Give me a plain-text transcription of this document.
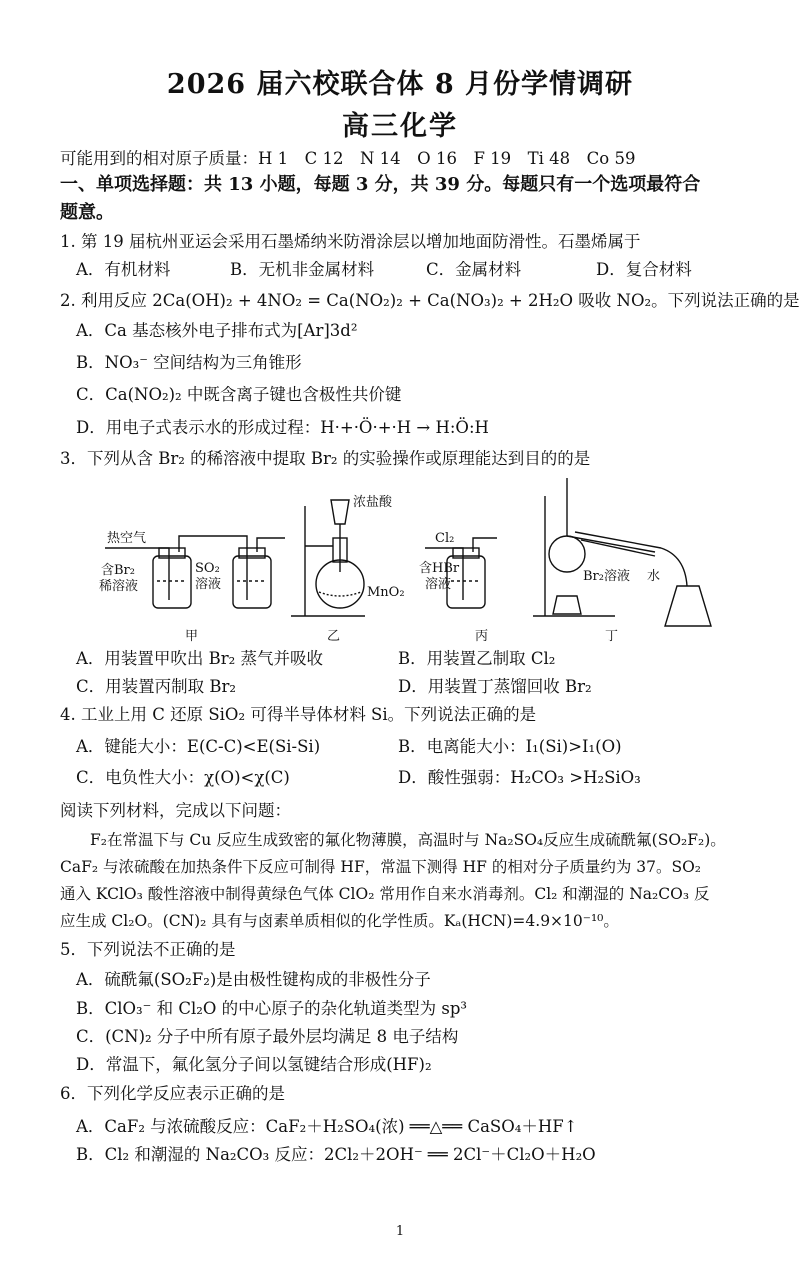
2026 届六校联合体 8 月份学情调研
高三化学
可能用到的相对原子质量：H 1　C 12　N 14　O 16　F 19　Ti 48　Co 59
一、单项选择题：共 13 小题，每题 3 分，共 39 分。每题只有一个选项最符合
题意。
1. 第 19 届杭州亚运会采用石墨烯纳米防滑涂层以增加地面防滑性。石墨烯属于
A．有机材料	B．无机非金属材料	C．金属材料	D．复合材料
2. 利用反应 2Ca(OH)₂ + 4NO₂ = Ca(NO₂)₂ + Ca(NO₃)₂ + 2H₂O 吸收 NO₂。下列说法正确的是
A．Ca 基态核外电子排布式为[Ar]3d²
B．NO₃⁻ 空间结构为三角锥形
C．Ca(NO₂)₂ 中既含离子键也含极性共价键
D．用电子式表示水的形成过程：H·+·Ö·+·H → H:Ö:H
3．下列从含 Br₂ 的稀溶液中提取 Br₂ 的实验操作或原理能达到目的的是
热空气
含Br₂
稀溶液
SO₂
溶液
浓盐酸
MnO₂
Cl₂
含HBr
溶液
Br₂溶液 水
甲	乙	丙	丁
A．用装置甲吹出 Br₂ 蒸气并吸收	B．用装置乙制取 Cl₂
C．用装置丙制取 Br₂	D．用装置丁蒸馏回收 Br₂
4. 工业上用 C 还原 SiO₂ 可得半导体材料 Si。下列说法正确的是
A．键能大小：E(C-C)<E(Si-Si)	B．电离能大小：I₁(Si)>I₁(O)
C．电负性大小：χ(O)<χ(C)	D．酸性强弱：H₂CO₃ >H₂SiO₃
阅读下列材料，完成以下问题：
F₂在常温下与 Cu 反应生成致密的氟化物薄膜，高温时与 Na₂SO₄反应生成硫酰氟(SO₂F₂)。
CaF₂ 与浓硫酸在加热条件下反应可制得 HF，常温下测得 HF 的相对分子质量约为 37。SO₂
通入 KClO₃ 酸性溶液中制得黄绿色气体 ClO₂ 常用作自来水消毒剂。Cl₂ 和潮湿的 Na₂CO₃ 反
应生成 Cl₂O。(CN)₂ 具有与卤素单质相似的化学性质。Kₐ(HCN)=4.9×10⁻¹⁰。
5．下列说法不正确的是
A．硫酰氟(SO₂F₂)是由极性键构成的非极性分子
B．ClO₃⁻ 和 Cl₂O 的中心原子的杂化轨道类型为 sp³
C．(CN)₂ 分子中所有原子最外层均满足 8 电子结构
D．常温下，氟化氢分子间以氢键结合形成(HF)₂
6．下列化学反应表示正确的是
A．CaF₂ 与浓硫酸反应：CaF₂＋H₂SO₄(浓) ══△══ CaSO₄＋HF↑
B．Cl₂ 和潮湿的 Na₂CO₃ 反应：2Cl₂＋2OH⁻ ══ 2Cl⁻＋Cl₂O＋H₂O
1
